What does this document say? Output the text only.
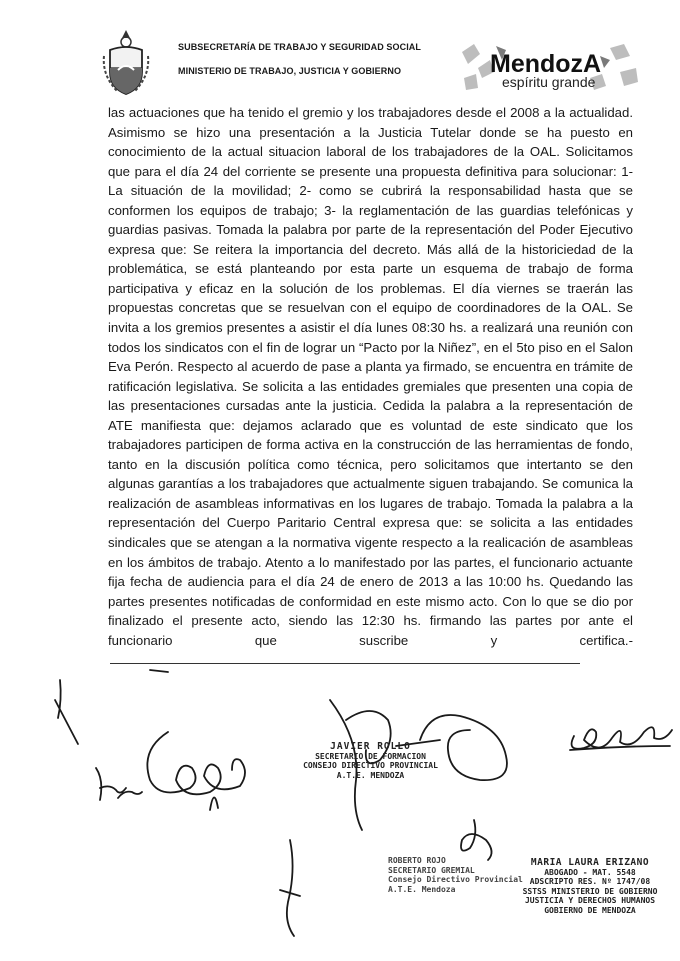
SUBSECRETARÍA DE TRABAJO Y SEGURIDAD SOCIAL
MINISTERIO DE TRABAJO, JUSTICIA Y GOBIERNO	MendozA
espíritu grande

las actuaciones que ha tenido el gremio y los trabajadores desde el 2008 a la actualidad. Asimismo se hizo una presentación a la Justicia Tutelar donde se ha puesto en conocimiento de la actual situacion laboral de los trabajadores de la OAL. Solicitamos que para el día 24 del corriente se presente una propuesta definitiva para solucionar: 1- La situación de la movilidad; 2- como se cubrirá la responsabilidad hasta que se conformen los equipos de trabajo; 3- la reglamentación de las guardias telefónicas y guardias pasivas. Tomada la palabra por parte de la representación del Poder Ejecutivo expresa que: Se reitera la importancia del decreto. Más allá de la historiciedad de la problemática, se está planteando por esta parte un esquema de trabajo de forma participativa y eficaz en la solución de los problemas. El día viernes se traerán las propuestas concretas que se resuelvan con el equipo de coordinadores de la OAL. Se invita a los gremios presentes a asistir el día lunes 08:30 hs. a realizará una reunión con todos los sindicatos con el fin de lograr un “Pacto por la Niñez”, en el 5to piso en el Salon Eva Perón. Respecto al acuerdo de pase a planta ya firmado, se encuentra en trámite de ratificación legislativa. Se solicita a las entidades gremiales que presenten una copia de las presentaciones cursadas ante la justicia. Cedida la palabra a la representación de ATE manifiesta que: dejamos aclarado que es voluntad de este sindicato que los trabajadores participen de forma activa en la construcción de las herramientas de fondo, tanto en la discusión política como técnica, pero solicitamos que intertanto se den algunas garantías a los trabajadores que actualmente siguen trabajando. Se comunica la realización de asambleas informativas en los lugares de trabajo. Tomada la palabra a la representación del Cuerpo Paritario Central expresa que: se solicita a las entidades sindicales que se atengan a la normativa vigente respecto a la realicación de asambleas en los ámbitos de trabajo. Atento a lo manifestado por las partes, el funcionario actuante fija fecha de audiencia para el día 24 de enero de 2013 a las 10:00 hs. Quedando las partes presentes notificadas de conformidad en este mismo acto. Con lo que se dio por finalizado el presente acto, siendo las 12:30 hs. firmando las partes por ante el funcionario que suscribe y certifica.-

JAVIER ROLLO
SECRETARIO DE FORMACION
CONSEJO DIRECTIVO PROVINCIAL
A.T.E. MENDOZA
ROBERTO ROJO
SECRETARIO GREMIAL
Consejo Directivo Provincial
A.T.E. Mendoza
MARIA LAURA ERIZANO
ABOGADO - MAT. 5548
ADSCRIPTO RES. Nº 1747/08
SSTSS MINISTERIO DE GOBIERNO
JUSTICIA Y DERECHOS HUMANOS
GOBIERNO DE MENDOZA
